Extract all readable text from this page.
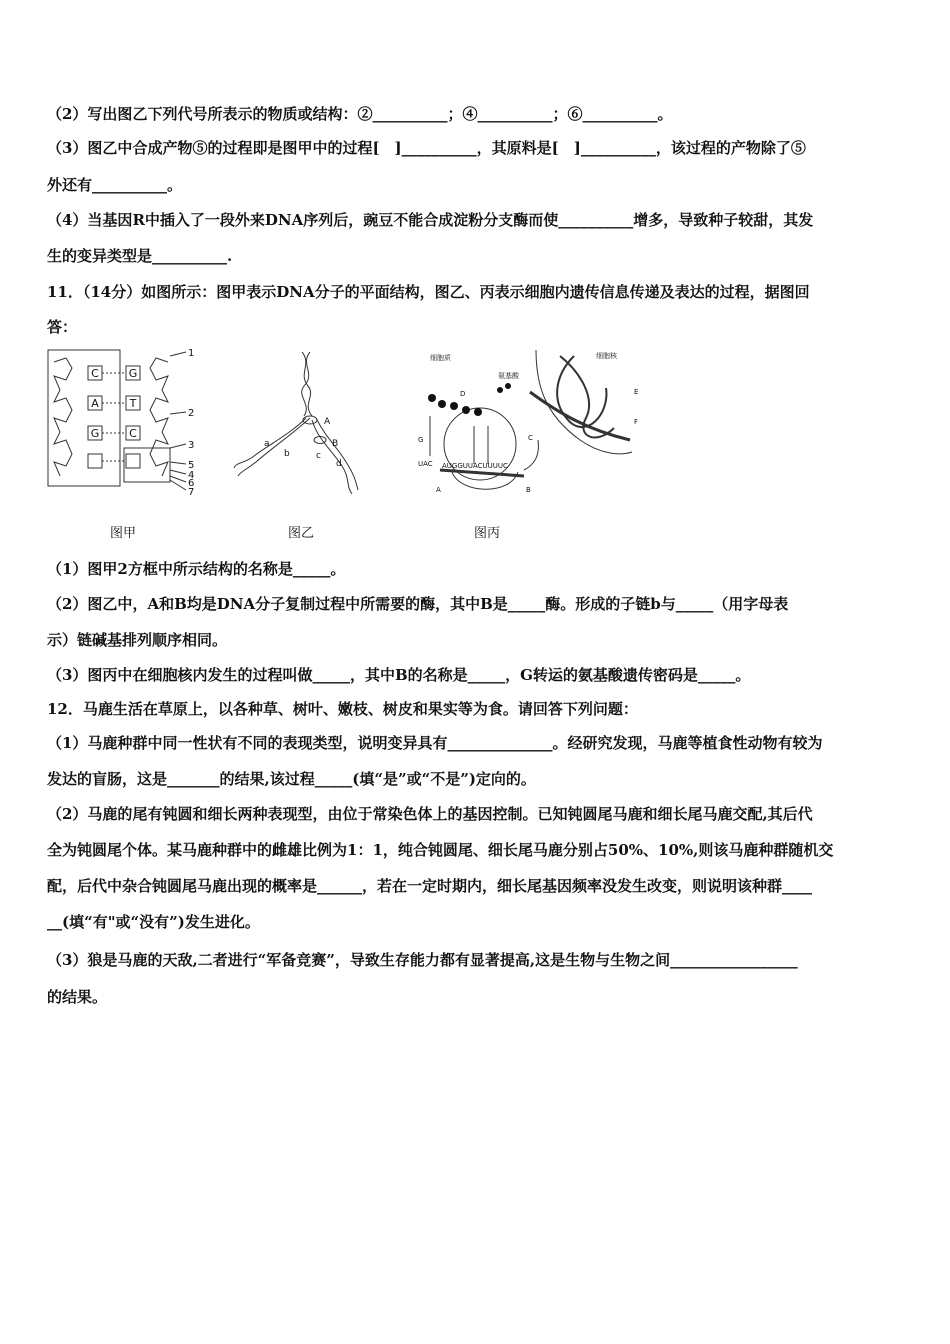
（2）写出图乙下列代号所表示的物质或结构：②__________；④__________；⑥__________。
（3）图乙中合成产物⑤的过程即是图甲中的过程[　]__________，其原料是[　]__________，该过程的产物除了⑤
外还有__________。
（4）当基因R中插入了一段外来DNA序列后，豌豆不能合成淀粉分支酶而使__________增多，导致种子较甜，其发
生的变异类型是__________.
11．（14分）如图所示：图甲表示DNA分子的平面结构，图乙、丙表示细胞内遗传信息传递及表达的过程，据图回
答：
（1）图甲2方框中所示结构的名称是_____。
（2）图乙中，A和B均是DNA分子复制过程中所需要的酶，其中B是_____酶。形成的子链b与_____（用字母表
示）链碱基排列顺序相同。
（3）图丙中在细胞核内发生的过程叫做_____，其中B的名称是_____，G转运的氨基酸遗传密码是_____。
12．马鹿生活在草原上，以各种草、树叶、嫩枝、树皮和果实等为食。请回答下列问题：
（1）马鹿种群中同一性状有不同的表现类型，说明变异具有______________。经研究发现，马鹿等植食性动物有较为
发达的盲肠，这是_______的结果,该过程_____(填“是”或“不是”)定向的。
（2）马鹿的尾有钝圆和细长两种表现型，由位于常染色体上的基因控制。已知钝圆尾马鹿和细长尾马鹿交配,其后代
全为钝圆尾个体。某马鹿种群中的雌雄比例为1：1，纯合钝圆尾、细长尾马鹿分别占50%、10%,则该马鹿种群随机交
配，后代中杂合钝圆尾马鹿出现的概率是______，若在一定时期内，细长尾基因频率没发生改变，则说明该种群____
__(填“有"或“没有”)发生进化。
（3）狼是马鹿的天敌,二者进行“军备竞赛”，导致生存能力都有显著提高,这是生物与生物之间_________________
的结果。
C	G
A	T
G	C
1
2
3
5
4
6
7
A
B
a
b	c
d
细胞质
氨基酸
细胞核
AUGGUUACUUUUC
UAC
D
G	C
A	B
E
F
图甲	图乙	图丙
